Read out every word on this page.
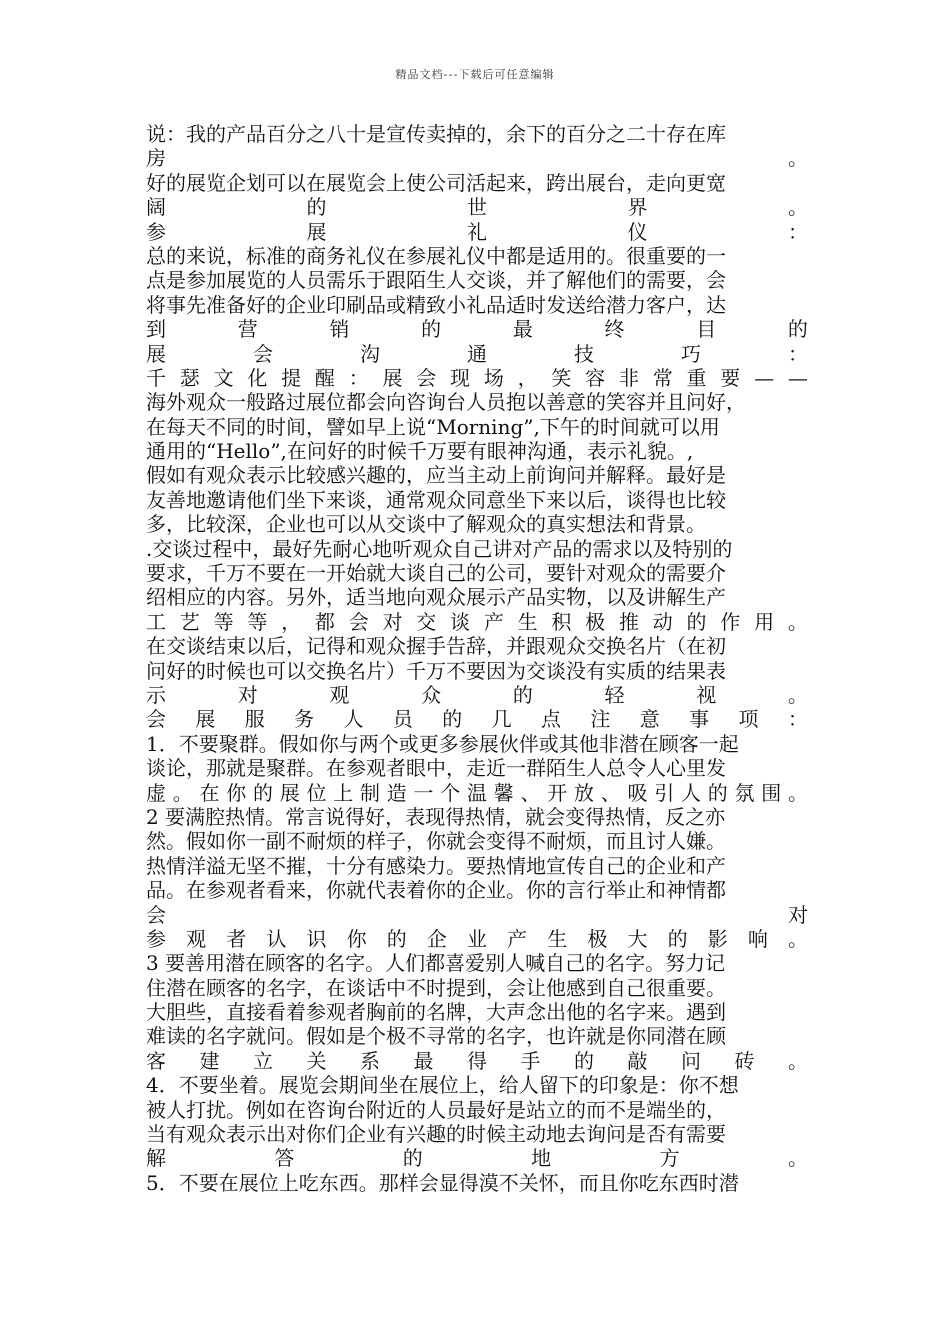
精品文档---下载后可任意编辑
说：我的产品百分之八十是宣传卖掉的，余下的百分之二十存在库
房	。
好的展览企划可以在展览会上使公司活起来，跨出展台，走向更宽
阔	的	世	界	。
参	展	礼	仪	：
总的来说，标准的商务礼仪在参展礼仪中都是适用的。很重要的一
点是参加展览的人员需乐于跟陌生人交谈，并了解他们的需要，会
将事先准备好的企业印刷品或精致小礼品适时发送给潜力客户，达
到	营	销	的	最	终	目	的
展	会	沟	通	技	巧	：
千 瑟 文 化 提 醒 ： 展 会 现 场 ， 笑 容 非 常 重 要 — —
海外观众一般路过展位都会向咨询台人员抱以善意的笑容并且问好，
在每天不同的时间，譬如早上说“Morning”,下午的时间就可以用
通用的“Hello”,在问好的时候千万要有眼神沟通，表示礼貌。,
假如有观众表示比较感兴趣的，应当主动上前询问并解释。最好是
友善地邀请他们坐下来谈，通常观众同意坐下来以后，谈得也比较
多，比较深，企业也可以从交谈中了解观众的真实想法和背景。
.交谈过程中，最好先耐心地听观众自己讲对产品的需求以及特别的
要求，千万不要在一开始就大谈自己的公司，要针对观众的需要介
绍相应的内容。另外，适当地向观众展示产品实物，以及讲解生产
工 艺 等 等 ， 都 会 对 交 谈 产 生 积 极 推 动 的 作 用 。
在交谈结束以后，记得和观众握手告辞，并跟观众交换名片（在初
问好的时候也可以交换名片）千万不要因为交谈没有实质的结果表
示	对	观	众	的	轻	视	。
会 展 服 务 人 员 的 几 点 注 意 事 项 ：
1．不要聚群。假如你与两个或更多参展伙伴或其他非潜在顾客一起
谈论，那就是聚群。在参观者眼中，走近一群陌生人总令人心里发
虚 。 在 你 的 展 位 上 制 造 一 个 温 馨 、 开 放 、 吸 引 人 的 氛 围 。
2 要满腔热情。常言说得好，表现得热情，就会变得热情，反之亦
然。假如你一副不耐烦的样子，你就会变得不耐烦，而且讨人嫌。
热情洋溢无坚不摧，十分有感染力。要热情地宣传自己的企业和产
品。在参观者看来，你就代表着你的企业。你的言行举止和神情都
会	对
参 观 者 认 识 你 的 企 业 产 生 极 大 的 影 响 。
3 要善用潜在顾客的名字。人们都喜爱别人喊自己的名字。努力记
住潜在顾客的名字，在谈话中不时提到，会让他感到自己很重要。
大胆些，直接看着参观者胸前的名牌，大声念出他的名字来。遇到
难读的名字就问。假如是个极不寻常的名字，也许就是你同潜在顾
客 建 立 关 系 最 得 手 的 敲 问 砖 。
4．不要坐着。展览会期间坐在展位上，给人留下的印象是：你不想
被人打扰。例如在咨询台附近的人员最好是站立的而不是端坐的，
当有观众表示出对你们企业有兴趣的时候主动地去询问是否有需要
解	答	的	地	方	。
5．不要在展位上吃东西。那样会显得漠不关怀，而且你吃东西时潜
